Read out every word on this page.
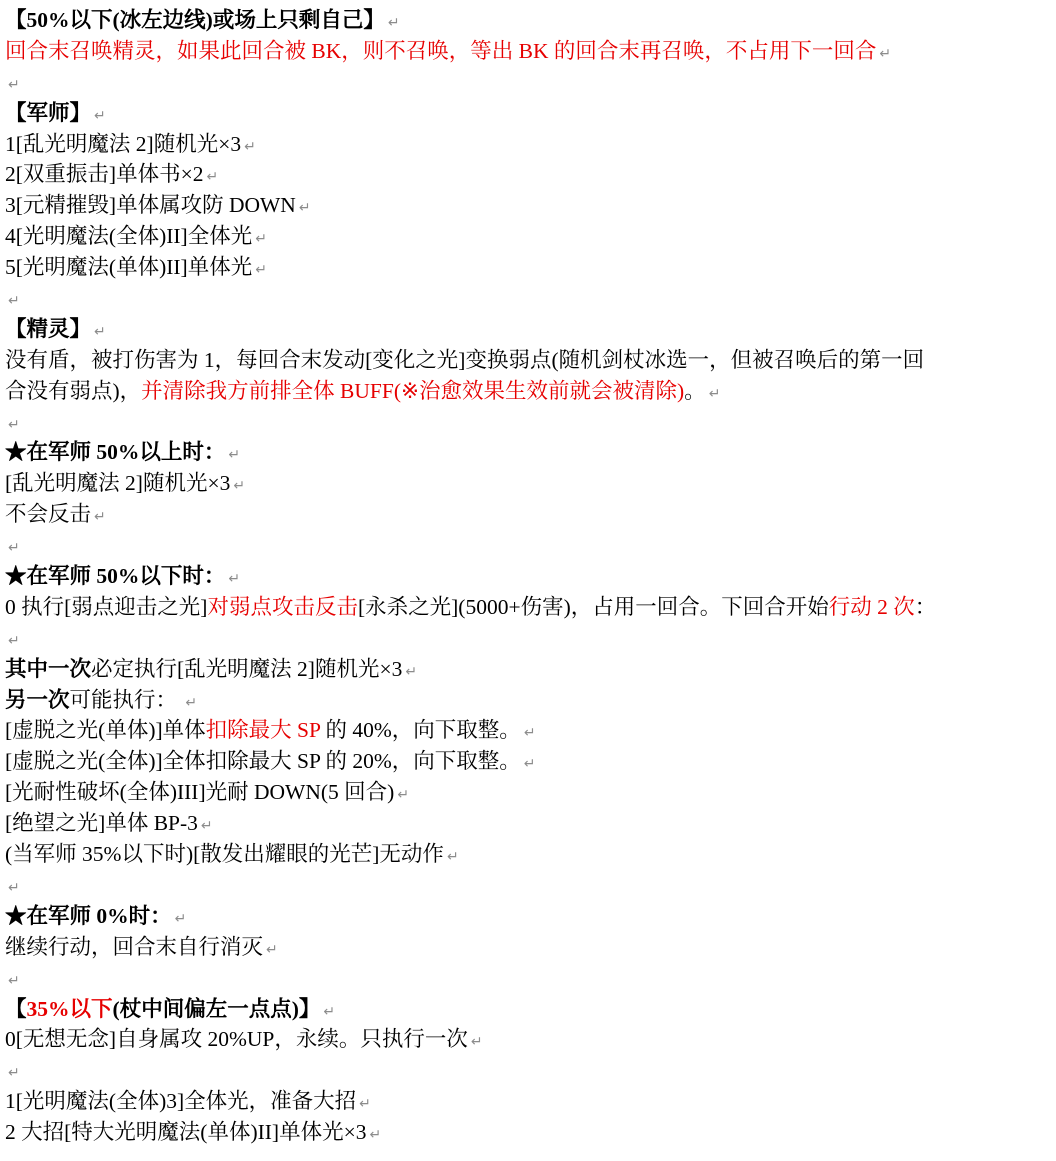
【50%以下(冰左边线)或场上只剩自己】 ↵
回合末召唤精灵，如果此回合被 BK，则不召唤，等出 BK 的回合末再召唤，不占用下一回合 ↵
↵
【军师】 ↵
1[乱光明魔法 2]随机光×3 ↵
2[双重振击]单体书×2 ↵
3[元精摧毁]单体属攻防 DOWN ↵
4[光明魔法(全体)II]全体光 ↵
5[光明魔法(单体)II]单体光 ↵
↵
【精灵】 ↵
没有盾，被打伤害为 1，每回合末发动[变化之光]变换弱点(随机剑杖冰选一，但被召唤后的第一回
合没有弱点)，并清除我方前排全体 BUFF(※治愈效果生效前就会被清除)。 ↵
↵
★在军师 50%以上时： ↵
[乱光明魔法 2]随机光×3 ↵
不会反击 ↵
↵
★在军师 50%以下时： ↵
0 执行[弱点迎击之光]对弱点攻击反击[永杀之光](5000+伤害)，占用一回合。下回合开始行动 2 次：
↵
其中一次必定执行[乱光明魔法 2]随机光×3 ↵
另一次可能执行： ↵
[虚脱之光(单体)]单体扣除最大 SP 的 40%，向下取整。 ↵
[虚脱之光(全体)]全体扣除最大 SP 的 20%，向下取整。 ↵
[光耐性破坏(全体)III]光耐 DOWN(5 回合) ↵
[绝望之光]单体 BP-3 ↵
(当军师 35%以下时)[散发出耀眼的光芒]无动作 ↵
↵
★在军师 0%时： ↵
继续行动，回合末自行消灭 ↵
↵
【35%以下(杖中间偏左一点点)】 ↵
0[无想无念]自身属攻 20%UP，永续。只执行一次 ↵
↵
1[光明魔法(全体)3]全体光，准备大招 ↵
2 大招[特大光明魔法(单体)II]单体光×3 ↵
